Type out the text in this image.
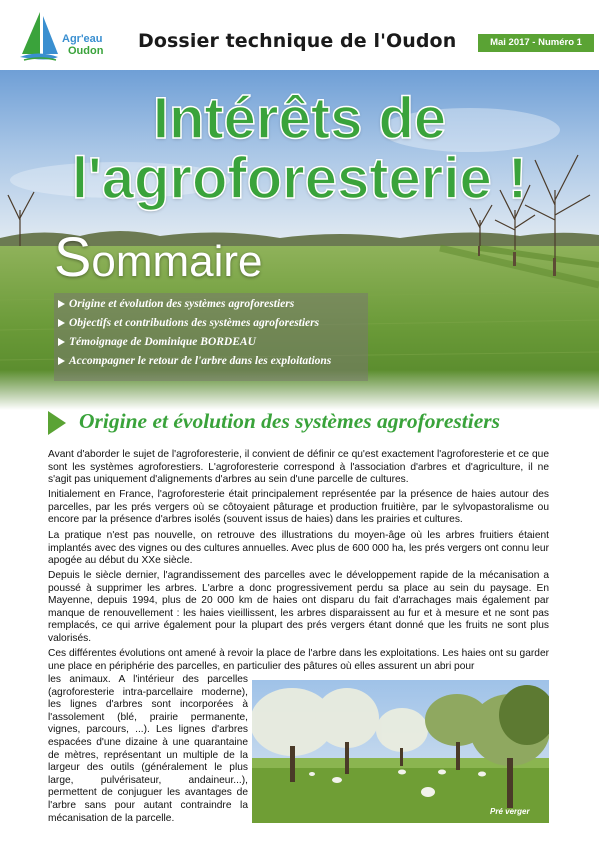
Agr'eau
Oudon Dossier technique de l'Oudon	Mai 2017 - Numéro 1
Intérêts de
l'agroforesterie !
Sommaire
Origine et évolution des systèmes agroforestiers
Objectifs et contributions des systèmes agroforestiers
Témoignage de Dominique BORDEAU
Accompagner le retour de l'arbre dans les exploitations
Origine et évolution des systèmes agroforestiers

Avant d'aborder le sujet de l'agroforesterie, il convient de définir ce qu'est exactement l'agroforesterie et ce que sont les systèmes agroforestiers. L'agroforesterie correspond à l'association d'arbres et d'agriculture, il ne s'agit pas uniquement d'alignements d'arbres au sein d'une parcelle de cultures.

Initialement en France, l'agroforesterie était principalement représentée par la présence de haies autour des parcelles, par les prés vergers où se côtoyaient pâturage et production fruitière, par le sylvopastoralisme ou encore par la présence d'arbres isolés (souvent issus de haies) dans les prairies et cultures.

La pratique n'est pas nouvelle, on retrouve des illustrations du moyen-âge où les arbres fruitiers étaient implantés avec des vignes ou des cultures annuelles. Avec plus de 600 000 ha, les prés vergers ont connu leur apogée au début du XXe siècle.

Depuis le siècle dernier, l'agrandissement des parcelles avec le développement rapide de la mécanisation a poussé à supprimer les arbres. L'arbre a donc progressivement perdu sa place au sein du paysage. En Mayenne, depuis 1994, plus de 20 000 km de haies ont disparu du fait d'arrachages mais également par manque de renouvellement : les haies vieillissent, les arbres disparaissent au fur et à mesure et ne sont pas remplacés, ce qui arrive également pour la plupart des prés vergers étant donné que les fruits ne sont plus valorisés.

Ces différentes évolutions ont amené à revoir la place de l'arbre dans les exploitations. Les haies ont su garder une place en périphérie des parcelles, en particulier des pâtures où elles assurent un abri pour

les animaux. A l'intérieur des parcelles (agroforesterie intra-parcellaire moderne), les lignes d'arbres sont incorporées à l'assolement (blé, prairie permanente, vignes, parcours, ...). Les lignes d'arbres espacées d'une dizaine à une quarantaine de mètres, représentant un multiple de la largeur des outils (généralement le plus large, pulvérisateur, andaineur...), permettent de conjuguer les avantages de l'arbre sans pour autant contraindre la mécanisation de la parcelle.

Pré verger
